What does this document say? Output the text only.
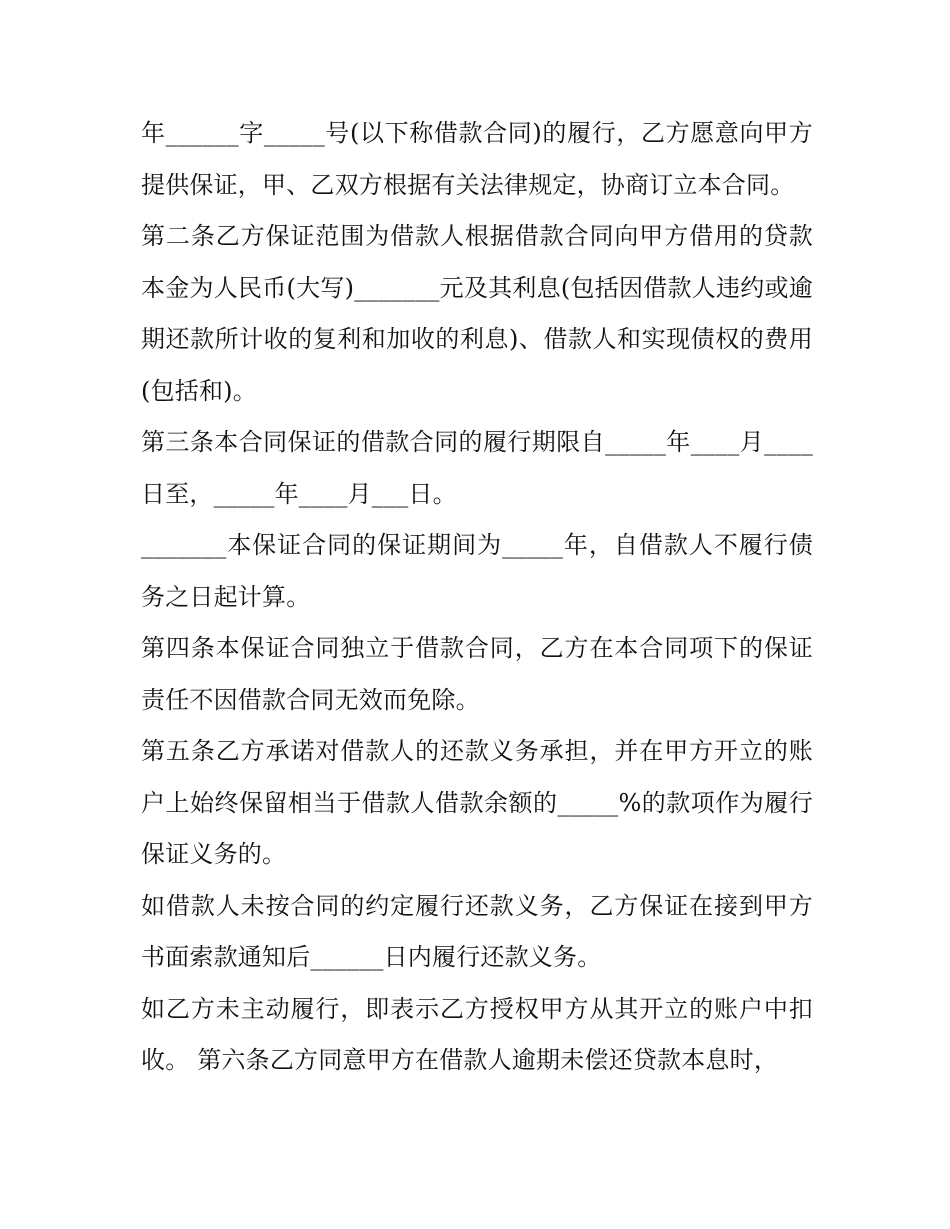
年______字_____号(以下称借款合同)的履行，乙方愿意向甲方提供保证，甲、乙双方根据有关法律规定，协商订立本合同。

第二条乙方保证范围为借款人根据借款合同向甲方借用的贷款本金为人民币(大写)_______元及其利息(包括因借款人违约或逾期还款所计收的复利和加收的利息)、借款人和实现债权的费用(包括和)。

第三条本合同保证的借款合同的履行期限自_____年____月____日至，_____年____月___日。

_______本保证合同的保证期间为_____年，自借款人不履行债务之日起计算。

第四条本保证合同独立于借款合同，乙方在本合同项下的保证责任不因借款合同无效而免除。

第五条乙方承诺对借款人的还款义务承担，并在甲方开立的账户上始终保留相当于借款人借款余额的_____%的款项作为履行保证义务的。

如借款人未按合同的约定履行还款义务，乙方保证在接到甲方书面索款通知后______日内履行还款义务。

如乙方未主动履行，即表示乙方授权甲方从其开立的账户中扣收。 第六条乙方同意甲方在借款人逾期未偿还贷款本息时，
